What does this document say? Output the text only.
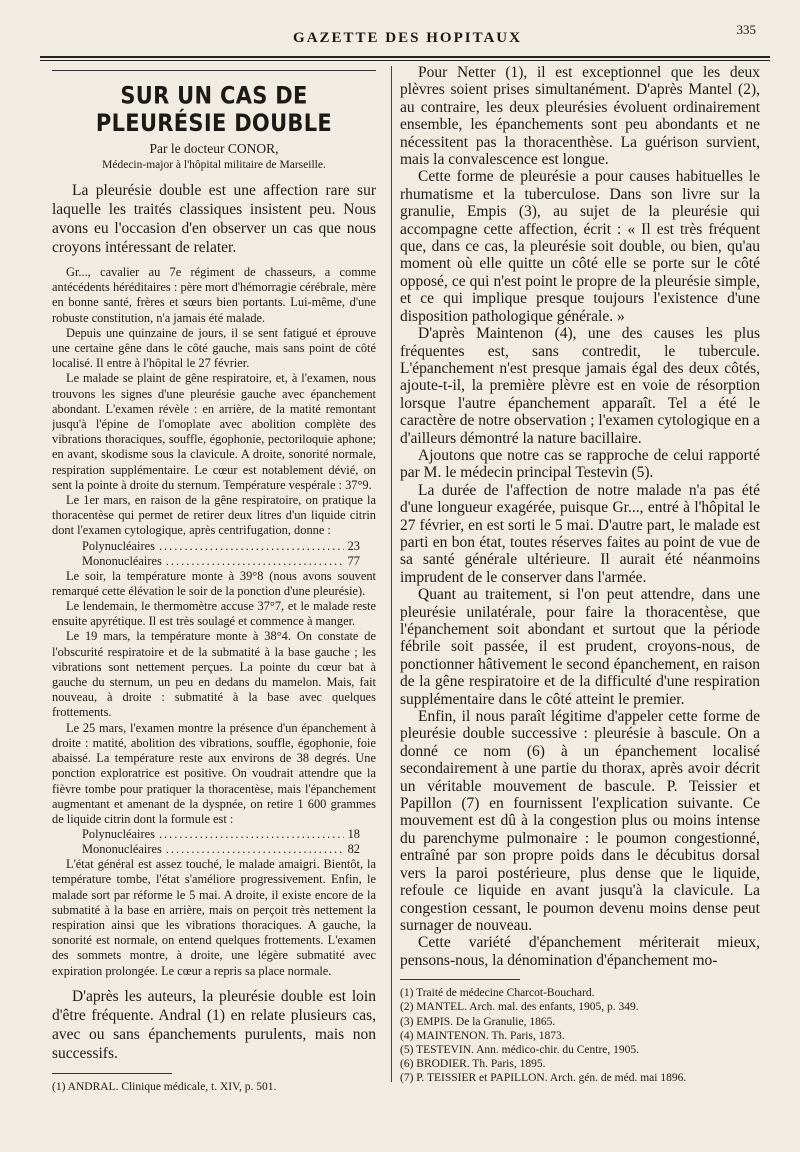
GAZETTE DES HOPITAUX
335
SUR UN CAS DE PLEURÉSIE DOUBLE
Par le docteur CONOR,
Médecin-major à l'hôpital militaire de Marseille.

La pleurésie double est une affection rare sur laquelle les traités classiques insistent peu. Nous avons eu l'occasion d'en observer un cas que nous croyons intéressant de relater.

Gr..., cavalier au 7e régiment de chasseurs, a comme antécédents héréditaires : père mort d'hémorragie cérébrale, mère en bonne santé, frères et sœurs bien portants. Lui-même, d'une robuste constitution, n'a jamais été malade.

Depuis une quinzaine de jours, il se sent fatigué et éprouve une certaine gêne dans le côté gauche, mais sans point de côté localisé. Il entre à l'hôpital le 27 février.

Le malade se plaint de gêne respiratoire, et, à l'examen, nous trouvons les signes d'une pleurésie gauche avec épanchement abondant. L'examen révèle : en arrière, de la matité remontant jusqu'à l'épine de l'omoplate avec abolition complète des vibrations thoraciques, souffle, égophonie, pectoriloquie aphone; en avant, skodisme sous la clavicule. A droite, sonorité normale, respiration supplémentaire. Le cœur est notablement dévié, on sent la pointe à droite du sternum. Température vespérale : 37°9.

Le 1er mars, en raison de la gêne respiratoire, on pratique la thoracentèse qui permet de retirer deux litres d'un liquide citrin dont l'examen cytologique, après centrifugation, donne :

Polynucléaires .....	23
Mononucléaires .....	77

Le soir, la température monte à 39°8 (nous avons souvent remarqué cette élévation le soir de la ponction d'une pleurésie).

Le lendemain, le thermomètre accuse 37°7, et le malade reste ensuite apyrétique. Il est très soulagé et commence à manger.

Le 19 mars, la température monte à 38°4. On constate de l'obscurité respiratoire et de la submatité à la base gauche ; les vibrations sont nettement perçues. La pointe du cœur bat à gauche du sternum, un peu en dedans du mamelon. Mais, fait nouveau, à droite : submatité à la base avec quelques frottements.

Le 25 mars, l'examen montre la présence d'un épanchement à droite : matité, abolition des vibrations, souffle, égophonie, foie abaissé. La température reste aux environs de 38 degrés. Une ponction exploratrice est positive. On voudrait attendre que la fièvre tombe pour pratiquer la thoracentèse, mais l'épanchement augmentant et amenant de la dyspnée, on retire 1 600 grammes de liquide citrin dont la formule est :

Polynucléaires .....	18
Mononucléaires .....	82

L'état général est assez touché, le malade amaigri. Bientôt, la température tombe, l'état s'améliore progressivement. Enfin, le malade sort par réforme le 5 mai. A droite, il existe encore de la submatité à la base en arrière, mais on perçoit très nettement la respiration ainsi que les vibrations thoraciques. A gauche, la sonorité est normale, on entend quelques frottements. L'examen des sommets montre, à droite, une légère submatité avec expiration prolongée. Le cœur a repris sa place normale.

D'après les auteurs, la pleurésie double est loin d'être fréquente. Andral (1) en relate plusieurs cas, avec ou sans épanchements purulents, mais non successifs.

(1) ANDRAL. Clinique médicale, t. XIV, p. 501.

Pour Netter (1), il est exceptionnel que les deux plèvres soient prises simultanément. D'après Mantel (2), au contraire, les deux pleurésies évoluent ordinairement ensemble, les épanchements sont peu abondants et ne nécessitent pas la thoracenthèse. La guérison survient, mais la convalescence est longue.

Cette forme de pleurésie a pour causes habituelles le rhumatisme et la tuberculose. Dans son livre sur la granulie, Empis (3), au sujet de la pleurésie qui accompagne cette affection, écrit : « Il est très fréquent que, dans ce cas, la pleurésie soit double, ou bien, qu'au moment où elle quitte un côté elle se porte sur le côté opposé, ce qui n'est point le propre de la pleurésie simple, et ce qui implique presque toujours l'existence d'une disposition pathologique générale. »

D'après Maintenon (4), une des causes les plus fréquentes est, sans contredit, le tubercule. L'épanchement n'est presque jamais égal des deux côtés, ajoute-t-il, la première plèvre est en voie de résorption lorsque l'autre épanchement apparaît. Tel a été le caractère de notre observation ; l'examen cytologique en a d'ailleurs démontré la nature bacillaire.

Ajoutons que notre cas se rapproche de celui rapporté par M. le médecin principal Testevin (5).

La durée de l'affection de notre malade n'a pas été d'une longueur exagérée, puisque Gr..., entré à l'hôpital le 27 février, en est sorti le 5 mai. D'autre part, le malade est parti en bon état, toutes réserves faites au point de vue de sa santé générale ultérieure. Il aurait été néanmoins imprudent de le conserver dans l'armée.

Quant au traitement, si l'on peut attendre, dans une pleurésie unilatérale, pour faire la thoracentèse, que l'épanchement soit abondant et surtout que la période fébrile soit passée, il est prudent, croyons-nous, de ponctionner hâtivement le second épanchement, en raison de la gêne respiratoire et de la difficulté d'une respiration supplémentaire dans le côté atteint le premier.

Enfin, il nous paraît légitime d'appeler cette forme de pleurésie double successive : pleurésie à bascule. On a donné ce nom (6) à un épanchement localisé secondairement à une partie du thorax, après avoir décrit un véritable mouvement de bascule. P. Teissier et Papillon (7) en fournissent l'explication suivante. Ce mouvement est dû à la congestion plus ou moins intense du parenchyme pulmonaire : le poumon congestionné, entraîné par son propre poids dans le décubitus dorsal vers la paroi postérieure, plus dense que le liquide, refoule ce liquide en avant jusqu'à la clavicule. La congestion cessant, le poumon devenu moins dense peut surnager de nouveau.

Cette variété d'épanchement mériterait mieux, pensons-nous, la dénomination d'épanchement mo-

(1) Traité de médecine Charcot-Bouchard.
(2) MANTEL. Arch. mal. des enfants, 1905, p. 349.
(3) EMPIS. De la Granulie, 1865.
(4) MAINTENON. Th. Paris, 1873.
(5) TESTEVIN. Ann. médico-chir. du Centre, 1905.
(6) BRODIER. Th. Paris, 1895.
(7) P. TEISSIER et PAPILLON. Arch. gén. de méd. mai 1896.
